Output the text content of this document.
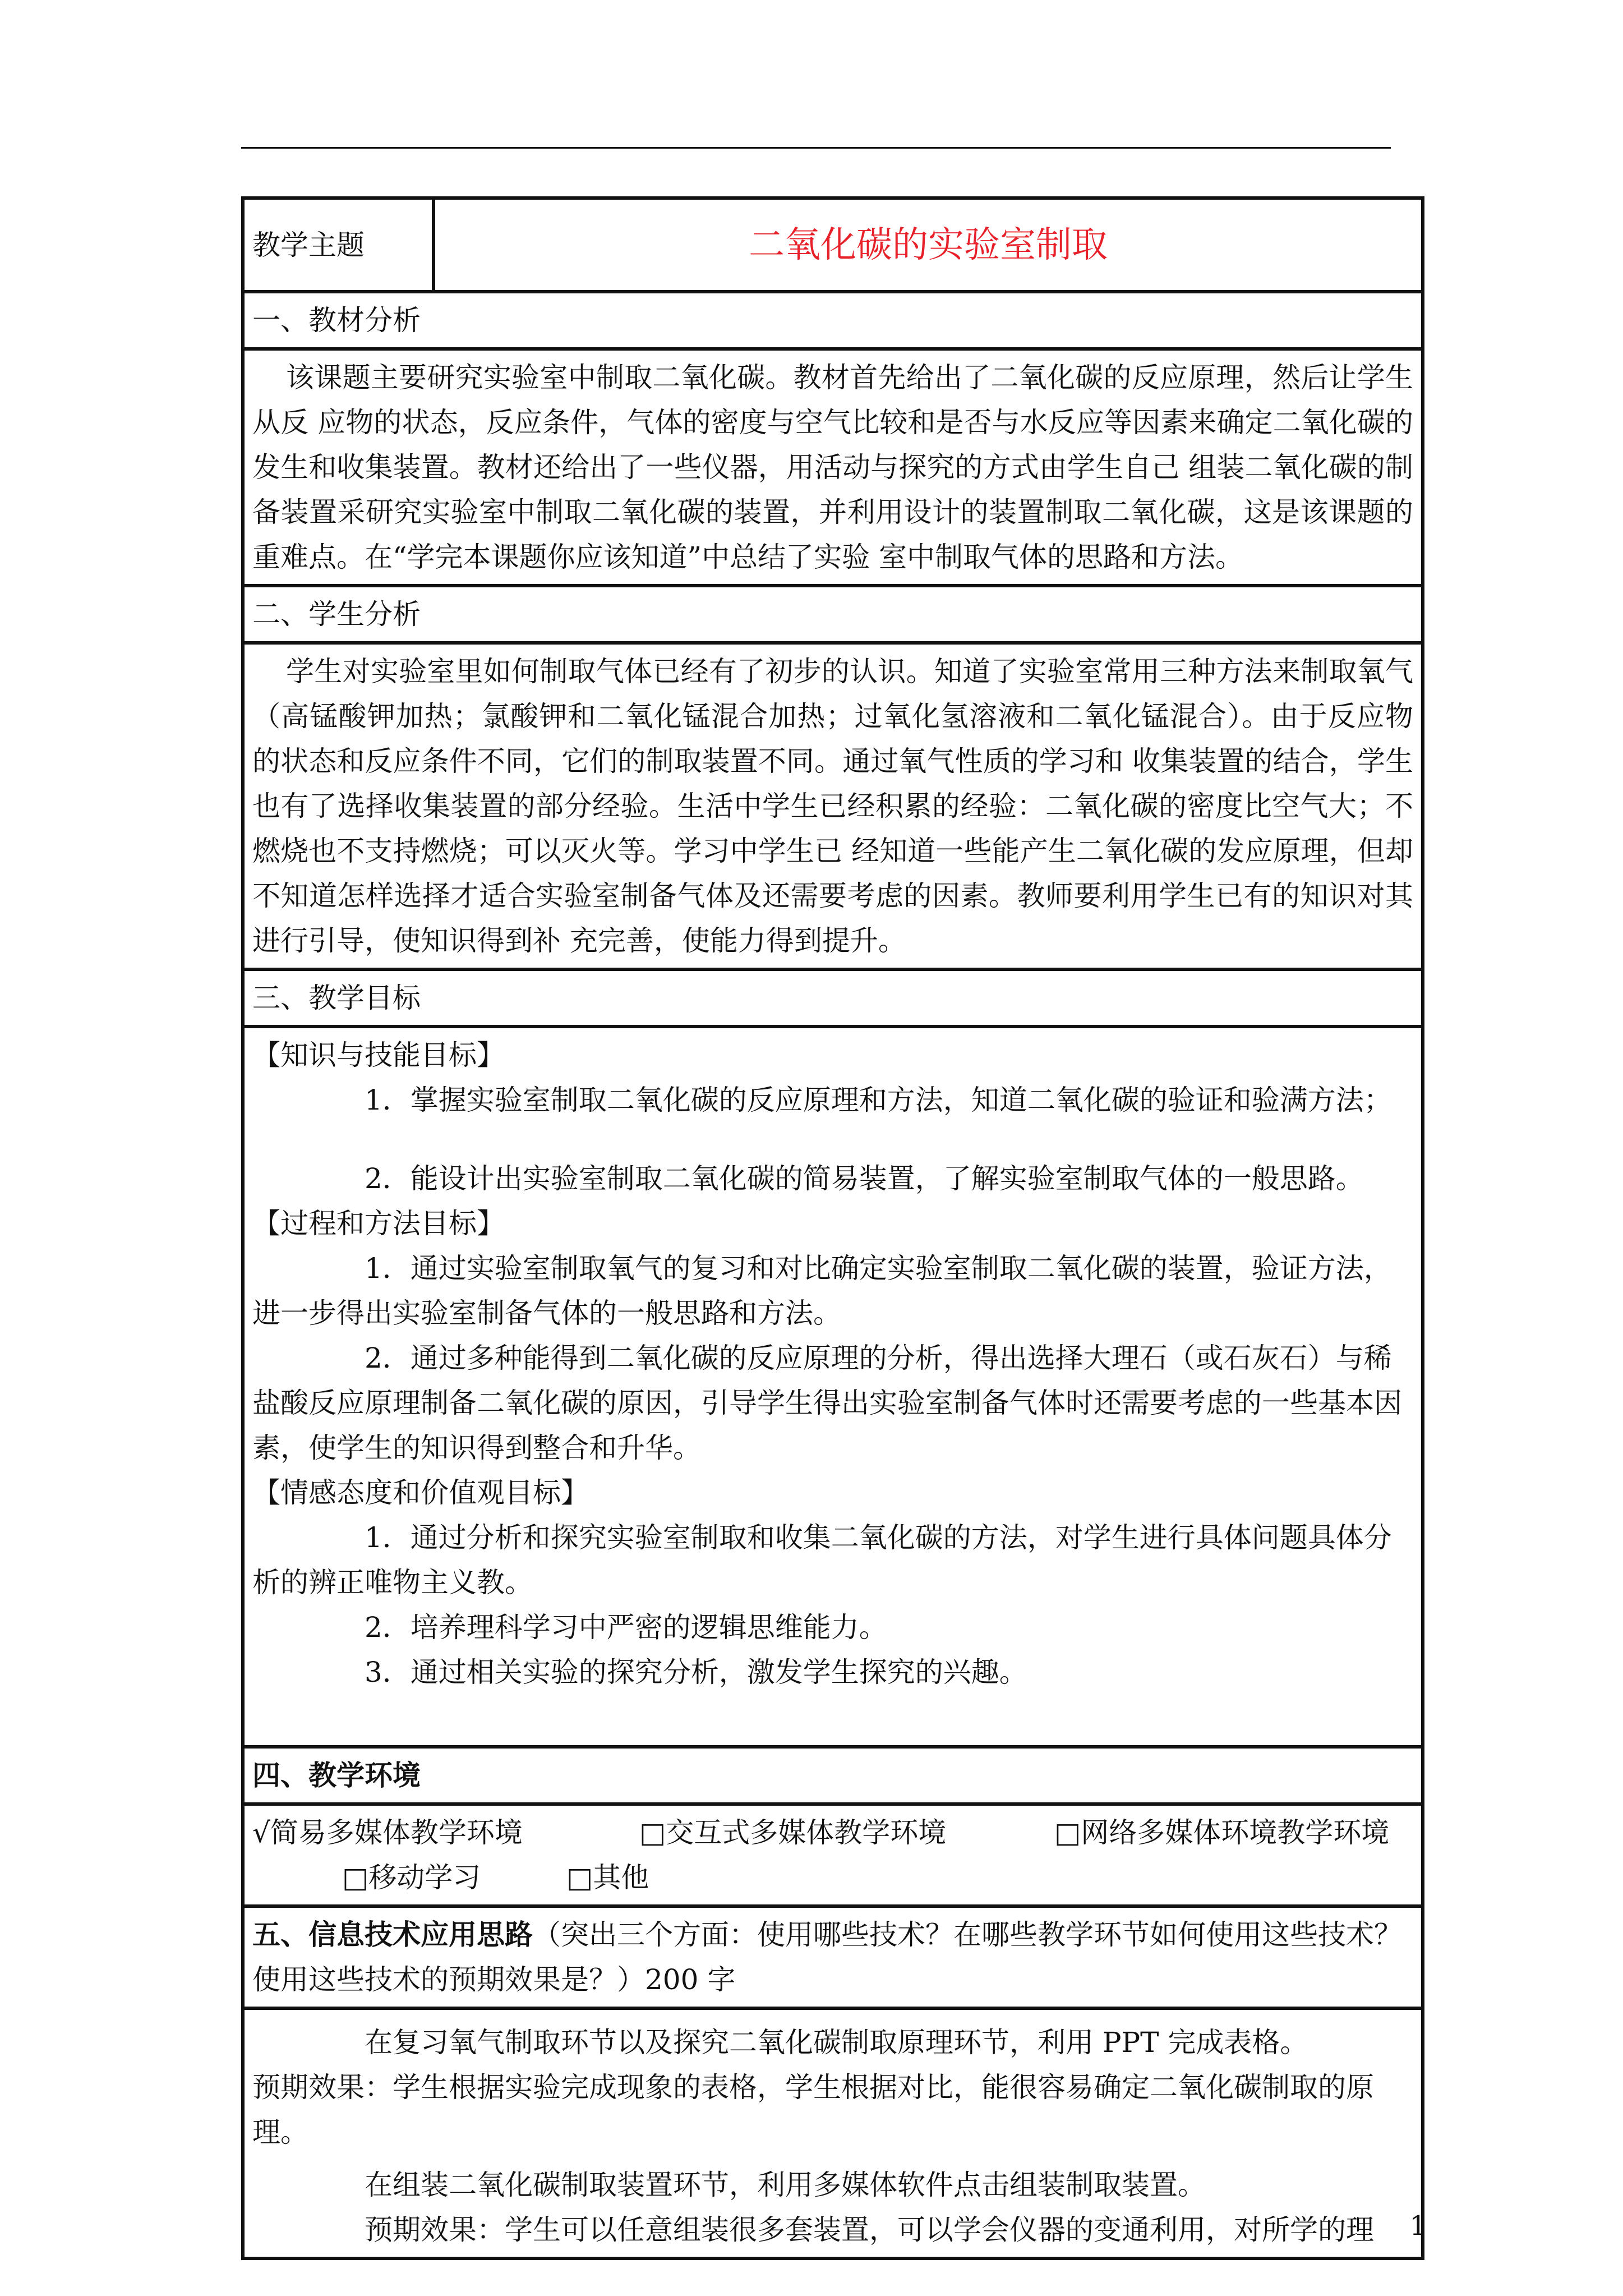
教学主题	二氧化碳的实验室制取
一、教材分析

该课题主要研究实验室中制取二氧化碳。教材首先给出了二氧化碳的反应原理，然后让学生从反 应物的状态，反应条件，气体的密度与空气比较和是否与水反应等因素来确定二氧化碳的发生和收集装置。教材还给出了一些仪器，用活动与探究的方式由学生自己 组装二氧化碳的制备装置采研究实验室中制取二氧化碳的装置，并利用设计的装置制取二氧化碳，这是该课题的重难点。在“学完本课题你应该知道”中总结了实验 室中制取气体的思路和方法。

二、学生分析

学生对实验室里如何制取气体已经有了初步的认识。知道了实验室常用三种方法来制取氧气（高锰酸钾加热；氯酸钾和二氧化锰混合加热；过氧化氢溶液和二氧化锰混合）。由于反应物的状态和反应条件不同，它们的制取装置不同。通过氧气性质的学习和 收集装置的结合，学生也有了选择收集装置的部分经验。生活中学生已经积累的经验：二氧化碳的密度比空气大；不燃烧也不支持燃烧；可以灭火等。学习中学生已 经知道一些能产生二氧化碳的发应原理，但却不知道怎样选择才适合实验室制备气体及还需要考虑的因素。教师要利用学生已有的知识对其进行引导，使知识得到补 充完善，使能力得到提升。

三、教学目标

【知识与技能目标】

1．掌握实验室制取二氧化碳的反应原理和方法，知道二氧化碳的验证和验满方法；

2．能设计出实验室制取二氧化碳的简易装置，了解实验室制取气体的一般思路。

【过程和方法目标】

1．通过实验室制取氧气的复习和对比确定实验室制取二氧化碳的装置，验证方法，进一步得出实验室制备气体的一般思路和方法。

2．通过多种能得到二氧化碳的反应原理的分析，得出选择大理石（或石灰石）与稀盐酸反应原理制备二氧化碳的原因，引导学生得出实验室制备气体时还需要考虑的一些基本因素，使学生的知识得到整合和升华。

【情感态度和价值观目标】

1．通过分析和探究实验室制取和收集二氧化碳的方法，对学生进行具体问题具体分析的辨正唯物主义教。

2．培养理科学习中严密的逻辑思维能力。

3．通过相关实验的探究分析，激发学生探究的兴趣。

四、教学环境

√简易多媒体教学环境	□交互式多媒体教学环境	□网络多媒体环境教学环境

□移动学习	□其他

五、信息技术应用思路（突出三个方面：使用哪些技术？在哪些教学环节如何使用这些技术？使用这些技术的预期效果是？）200 字

在复习氧气制取环节以及探究二氧化碳制取原理环节，利用 PPT 完成表格。

预期效果：学生根据实验完成现象的表格，学生根据对比，能很容易确定二氧化碳制取的原理。

在组装二氧化碳制取装置环节，利用多媒体软件点击组装制取装置。

预期效果：学生可以任意组装很多套装置，可以学会仪器的变通利用，对所学的理	1
